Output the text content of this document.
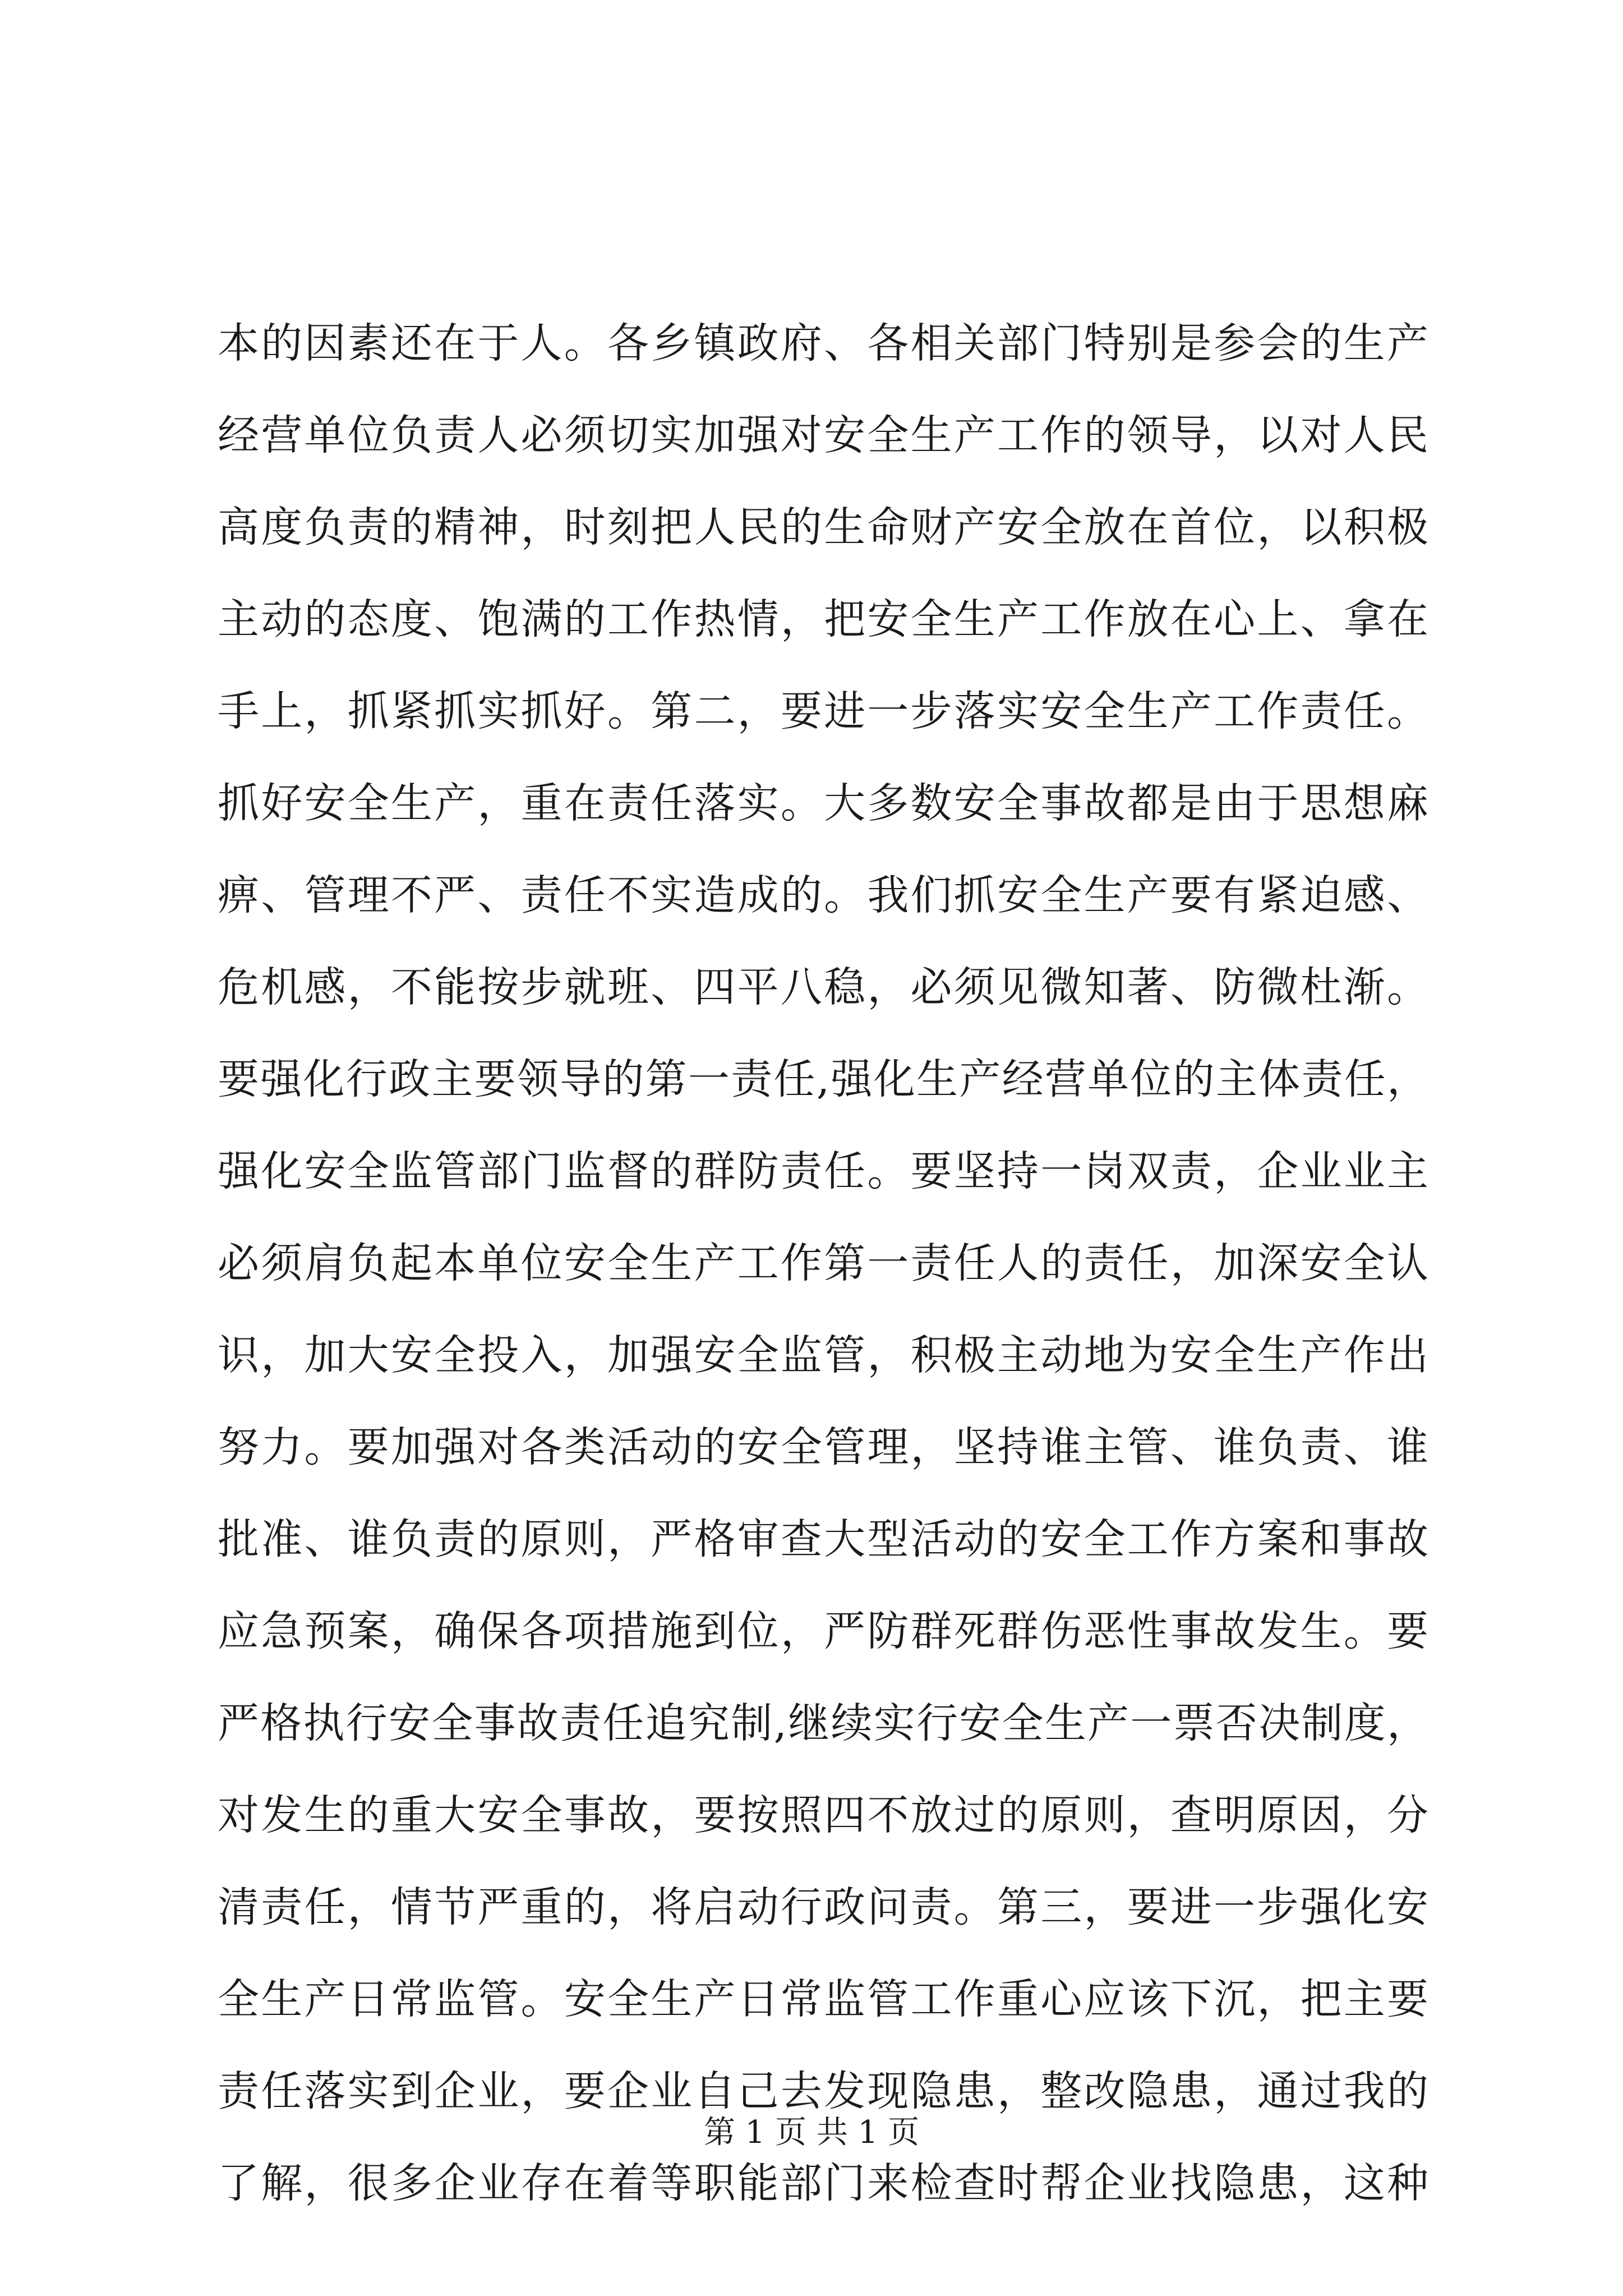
本的因素还在于人。各乡镇政府、各相关部门特别是参会的生产
经营单位负责人必须切实加强对安全生产工作的领导，以对人民
高度负责的精神，时刻把人民的生命财产安全放在首位，以积极
主动的态度、饱满的工作热情，把安全生产工作放在心上、拿在
手上，抓紧抓实抓好。第二，要进一步落实安全生产工作责任。
抓好安全生产，重在责任落实。大多数安全事故都是由于思想麻
痹、管理不严、责任不实造成的。我们抓安全生产要有紧迫感、
危机感，不能按步就班、四平八稳，必须见微知著、防微杜渐。
要强化行政主要领导的第一责任,强化生产经营单位的主体责任，
强化安全监管部门监督的群防责任。要坚持一岗双责，企业业主
必须肩负起本单位安全生产工作第一责任人的责任，加深安全认
识，加大安全投入，加强安全监管，积极主动地为安全生产作出
努力。要加强对各类活动的安全管理，坚持谁主管、谁负责、谁
批准、谁负责的原则，严格审查大型活动的安全工作方案和事故
应急预案，确保各项措施到位，严防群死群伤恶性事故发生。要
严格执行安全事故责任追究制,继续实行安全生产一票否决制度，
对发生的重大安全事故，要按照四不放过的原则，查明原因，分
清责任，情节严重的，将启动行政问责。第三，要进一步强化安
全生产日常监管。安全生产日常监管工作重心应该下沉，把主要
责任落实到企业，要企业自己去发现隐患，整改隐患，通过我的
了解，很多企业存在着等职能部门来检查时帮企业找隐患，这种
第 1 页 共 1 页
